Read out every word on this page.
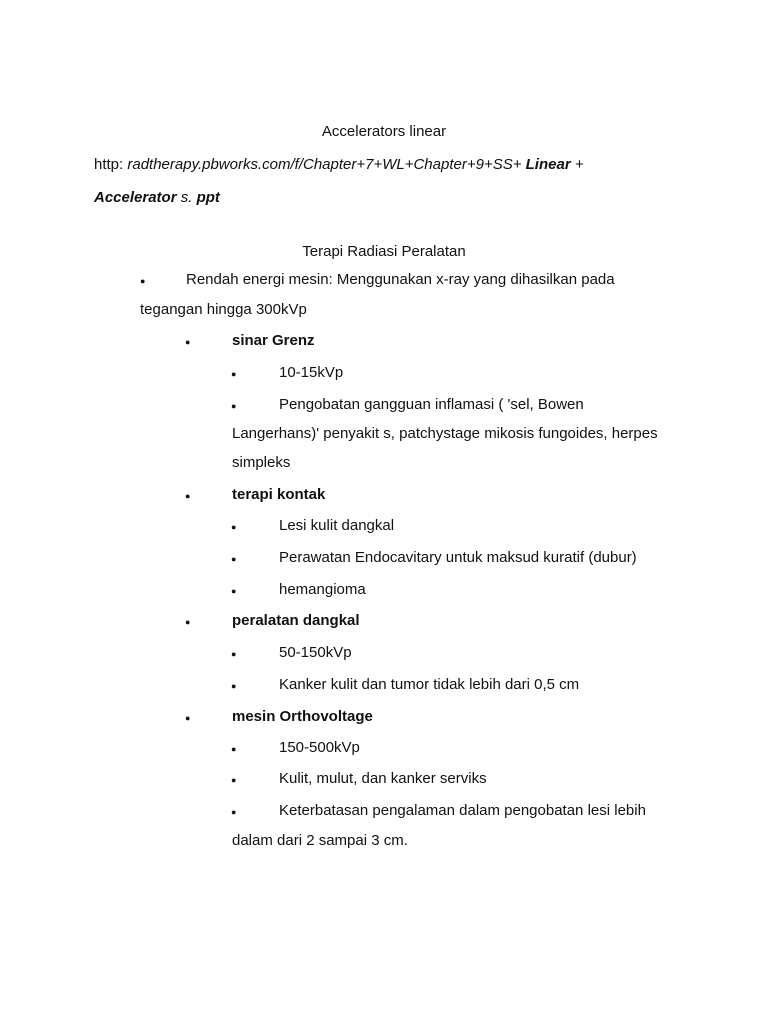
Accelerators linear
http: radtherapy.pbworks.com/f/Chapter+7+WL+Chapter+9+SS+ Linear +
Accelerator s. ppt
Terapi Radiasi Peralatan
●	Rendah energi mesin: Menggunakan x-ray yang dihasilkan pada
tegangan hingga 300kVp
●	sinar Grenz
●	10-15kVp
●	Pengobatan gangguan inflamasi ( 'sel, Bowen
Langerhans)' penyakit s, patchystage mikosis fungoides, herpes
simpleks
●	terapi kontak
●	Lesi kulit dangkal
●	Perawatan Endocavitary untuk maksud kuratif (dubur)
●	hemangioma
●	peralatan dangkal
●	50-150kVp
●	Kanker kulit dan tumor tidak lebih dari 0,5 cm
●	mesin Orthovoltage
●	150-500kVp
●	Kulit, mulut, dan kanker serviks
●	Keterbatasan pengalaman dalam pengobatan lesi lebih
dalam dari 2 sampai 3 cm.
